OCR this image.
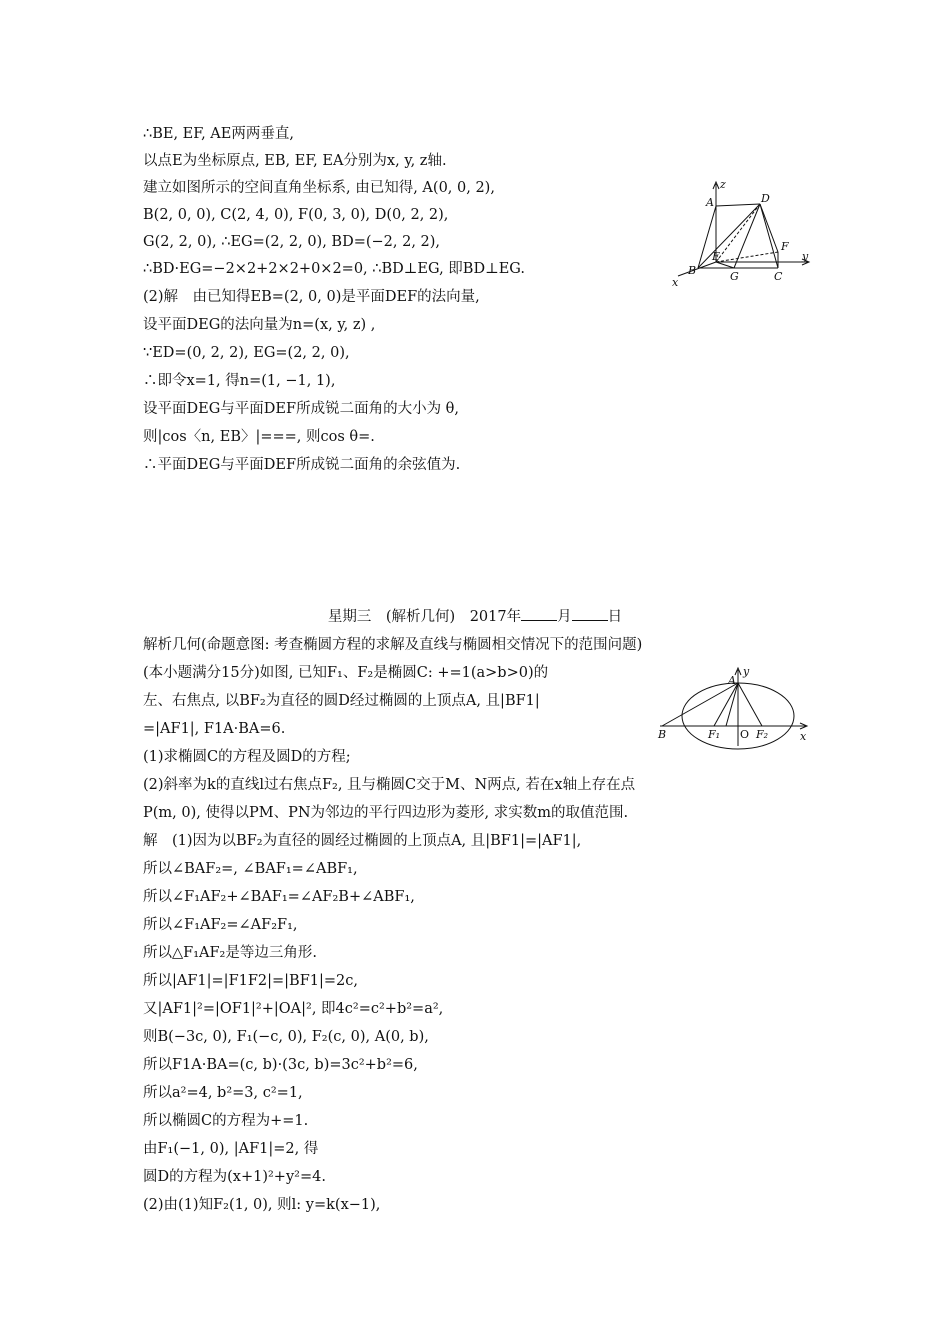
∴BE, EF, AE两两垂直,
以点E为坐标原点, EB, EF, EA分别为x, y, z轴.
建立如图所示的空间直角坐标系, 由已知得, A(0, 0, 2),
B(2, 0, 0), C(2, 4, 0), F(0, 3, 0), D(0, 2, 2),
G(2, 2, 0), ∴EG=(2, 2, 0), BD=(−2, 2, 2),
∴BD·EG=−2×2+2×2+0×2=0, ∴BD⊥EG, 即BD⊥EG.
(2)解　由已知得EB=(2, 0, 0)是平面DEF的法向量,
设平面DEG的法向量为n=(x, y, z) ,
∵ED=(0, 2, 2), EG=(2, 2, 0),
∴即令x=1, 得n=(1, −1, 1),
设平面DEG与平面DEF所成锐二面角的大小为 θ,
则|cos〈n, EB〉|===, 则cos θ=.
∴平面DEG与平面DEF所成锐二面角的余弦值为.
z
A	D
F
y
B
E
G	C
x
星期三　(解析几何)　2017年 月 日
解析几何(命题意图: 考查椭圆方程的求解及直线与椭圆相交情况下的范围问题)
(本小题满分15分)如图, 已知F₁、F₂是椭圆C: +=1(a>b>0)的
左、右焦点, 以BF₂为直径的圆D经过椭圆的上顶点A, 且|BF1|
=|AF1|, F1A·BA=6.
(1)求椭圆C的方程及圆D的方程;
(2)斜率为k的直线l过右焦点F₂, 且与椭圆C交于M、N两点, 若在x轴上存在点
P(m, 0), 使得以PM、PN为邻边的平行四边形为菱形, 求实数m的取值范围.
解　(1)因为以BF₂为直径的圆经过椭圆的上顶点A, 且|BF1|=|AF1|,
所以∠BAF₂=, ∠BAF₁=∠ABF₁,
所以∠F₁AF₂+∠BAF₁=∠AF₂B+∠ABF₁,
所以∠F₁AF₂=∠AF₂F₁,
所以△F₁AF₂是等边三角形.
所以|AF1|=|F1F2|=|BF1|=2c,
又|AF1|²=|OF1|²+|OA|², 即4c²=c²+b²=a²,
则B(−3c, 0), F₁(−c, 0), F₂(c, 0), A(0, b),
所以F1A·BA=(c, b)·(3c, b)=3c²+b²=6,
所以a²=4, b²=3, c²=1,
所以椭圆C的方程为+=1.
由F₁(−1, 0), |AF1|=2, 得
圆D的方程为(x+1)²+y²=4.
(2)由(1)知F₂(1, 0), 则l: y=k(x−1),
y
A
B	F₁ O F₂	x
